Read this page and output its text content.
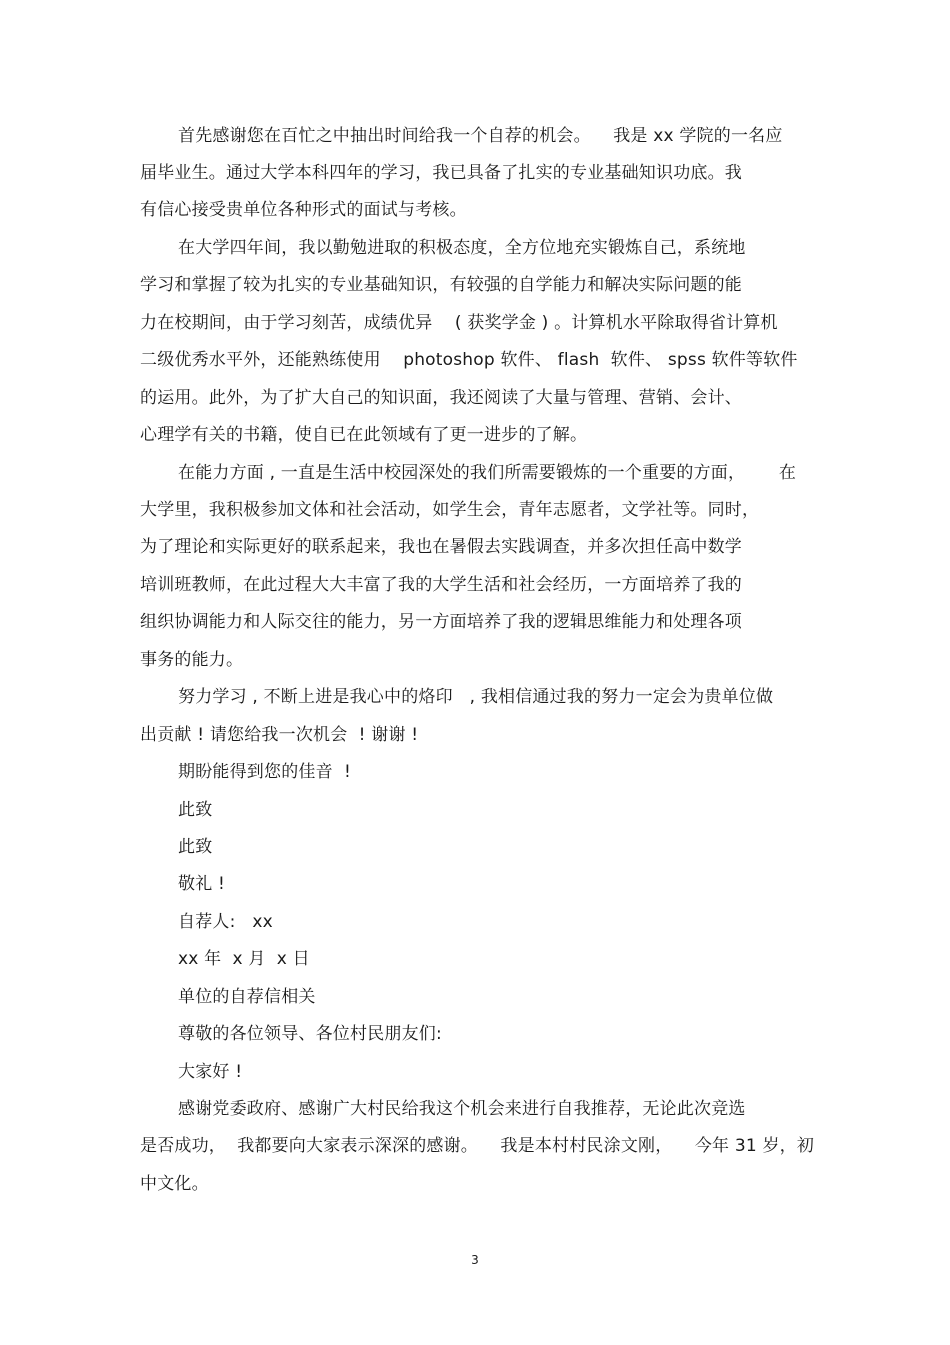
首先感谢您在百忙之中抽出时间给我一个自荐的机会。    我是 xx 学院的一名应
届毕业生。通过大学本科四年的学习，我已具备了扎实的专业基础知识功底。我
有信心接受贵单位各种形式的面试与考核。
在大学四年间，我以勤勉进取的积极态度，全方位地充实锻炼自己，系统地
学习和掌握了较为扎实的专业基础知识，有较强的自学能力和解决实际问题的能
力在校期间，由于学习刻苦，成绩优异    ( 获奖学金 ) 。计算机水平除取得省计算机
二级优秀水平外，还能熟练使用    photoshop 软件、 flash  软件、 spss 软件等软件
的运用。此外，为了扩大自己的知识面，我还阅读了大量与管理、营销、会计、
心理学有关的书籍，使自已在此领域有了更一进步的了解。
在能力方面 , 一直是生活中校园深处的我们所需要锻炼的一个重要的方面，      在
大学里，我积极参加文体和社会活动，如学生会，青年志愿者，文学社等。同时，
为了理论和实际更好的联系起来，我也在暑假去实践调查，并多次担任高中数学
培训班教师，在此过程大大丰富了我的大学生活和社会经历，一方面培养了我的
组织协调能力和人际交往的能力，另一方面培养了我的逻辑思维能力和处理各项
事务的能力。
努力学习 , 不断上进是我心中的烙印   , 我相信通过我的努力一定会为贵单位做
出贡献 ! 请您给我一次机会  ! 谢谢 !
期盼能得到您的佳音  !
此致
此致
敬礼 !
自荐人:   xx
xx 年  x 月  x 日
单位的自荐信相关
尊敬的各位领导、各位村民朋友们:
大家好 !
感谢党委政府、感谢广大村民给我这个机会来进行自我推荐，无论此次竞选
是否成功，  我都要向大家表示深深的感谢。    我是本村村民涂文刚，    今年 31 岁，初
中文化。
3
